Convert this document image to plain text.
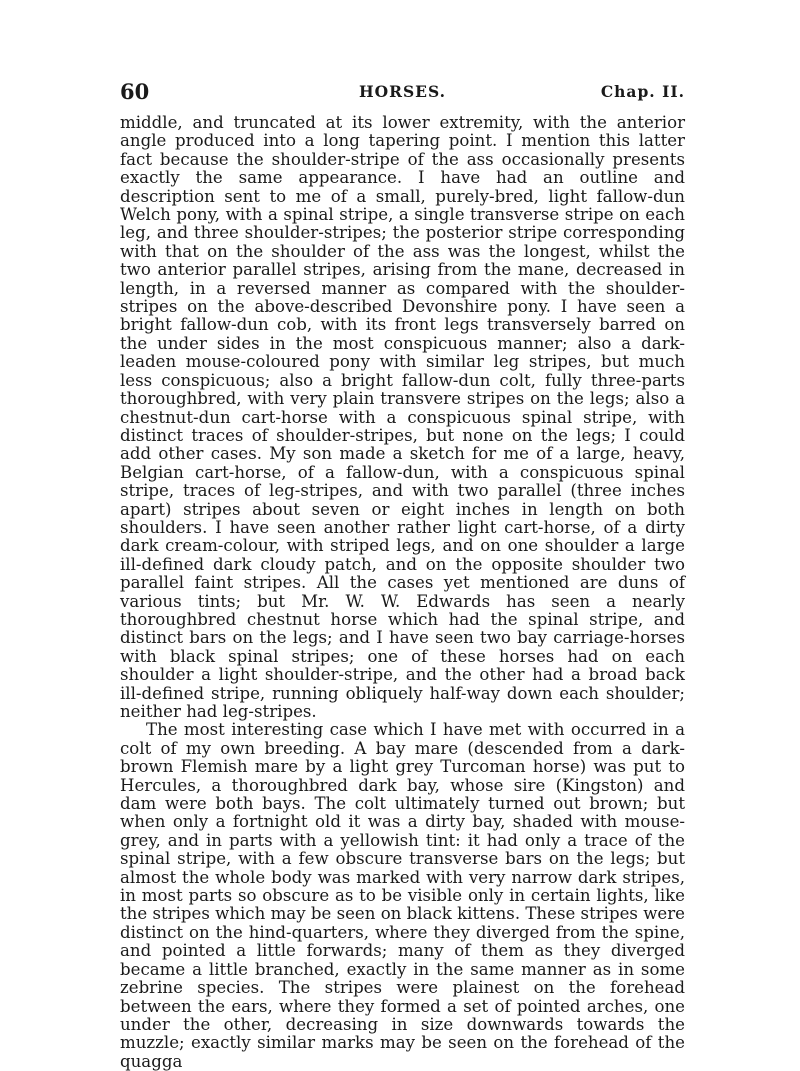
60	HORSES.	Chap. II.

middle, and truncated at its lower extremity, with the anterior angle produced into a long tapering point. I mention this latter fact because the shoulder-stripe of the ass occasionally presents exactly the same appearance. I have had an outline and description sent to me of a small, purely-bred, light fallow-dun Welch pony, with a spinal stripe, a single transverse stripe on each leg, and three shoulder-stripes; the posterior stripe corresponding with that on the shoulder of the ass was the longest, whilst the two anterior parallel stripes, arising from the mane, decreased in length, in a reversed manner as compared with the shoulder-stripes on the above-described Devonshire pony. I have seen a bright fallow-dun cob, with its front legs transversely barred on the under sides in the most conspicuous manner; also a dark-leaden mouse-coloured pony with similar leg stripes, but much less conspicuous; also a bright fallow-dun colt, fully three-parts thoroughbred, with very plain transvere stripes on the legs; also a chestnut-dun cart-horse with a conspicuous spinal stripe, with distinct traces of shoulder-stripes, but none on the legs; I could add other cases. My son made a sketch for me of a large, heavy, Belgian cart-horse, of a fallow-dun, with a conspicuous spinal stripe, traces of leg-stripes, and with two parallel (three inches apart) stripes about seven or eight inches in length on both shoulders. I have seen another rather light cart-horse, of a dirty dark cream-colour, with striped legs, and on one shoulder a large ill-defined dark cloudy patch, and on the opposite shoulder two parallel faint stripes. All the cases yet mentioned are duns of various tints; but Mr. W. W. Edwards has seen a nearly thoroughbred chestnut horse which had the spinal stripe, and distinct bars on the legs; and I have seen two bay carriage-horses with black spinal stripes; one of these horses had on each shoulder a light shoulder-stripe, and the other had a broad back ill-defined stripe, running obliquely half-way down each shoulder; neither had leg-stripes.

The most interesting case which I have met with occurred in a colt of my own breeding. A bay mare (descended from a dark-brown Flemish mare by a light grey Turcoman horse) was put to Hercules, a thoroughbred dark bay, whose sire (Kingston) and dam were both bays. The colt ultimately turned out brown; but when only a fortnight old it was a dirty bay, shaded with mouse-grey, and in parts with a yellowish tint: it had only a trace of the spinal stripe, with a few obscure transverse bars on the legs; but almost the whole body was marked with very narrow dark stripes, in most parts so obscure as to be visible only in certain lights, like the stripes which may be seen on black kittens. These stripes were distinct on the hind-quarters, where they diverged from the spine, and pointed a little forwards; many of them as they diverged became a little branched, exactly in the same manner as in some zebrine species. The stripes were plainest on the forehead between the ears, where they formed a set of pointed arches, one under the other, decreasing in size downwards towards the muzzle; exactly similar marks may be seen on the forehead of the quagga
